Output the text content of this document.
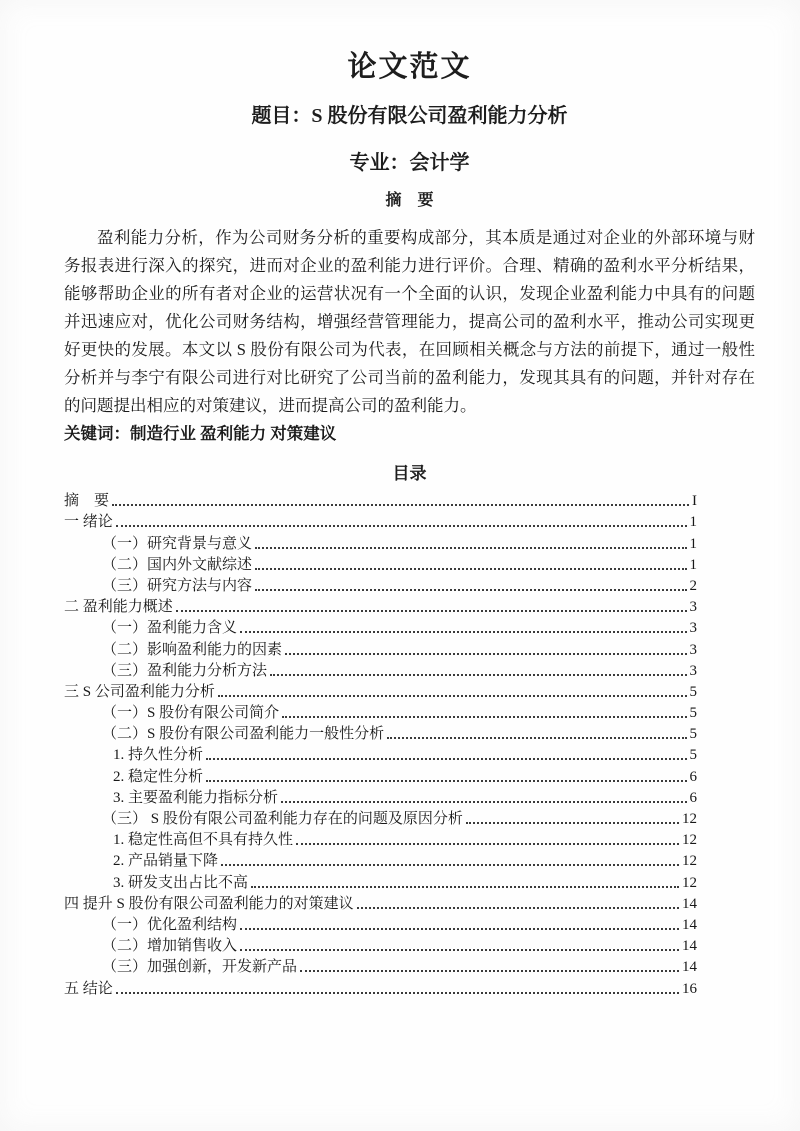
论文范文
题目：S 股份有限公司盈利能力分析
专业：会计学
摘　要

盈利能力分析，作为公司财务分析的重要构成部分，其本质是通过对企业的外部环境与财务报表进行深入的探究，进而对企业的盈利能力进行评价。合理、精确的盈利水平分析结果，能够帮助企业的所有者对企业的运营状况有一个全面的认识，发现企业盈利能力中具有的问题并迅速应对，优化公司财务结构，增强经营管理能力，提高公司的盈利水平，推动公司实现更好更快的发展。本文以 S 股份有限公司为代表，在回顾相关概念与方法的前提下，通过一般性分析并与李宁有限公司进行对比研究了公司当前的盈利能力，发现其具有的问题，并针对存在的问题提出相应的对策建议，进而提高公司的盈利能力。

关键词：制造行业 盈利能力 对策建议

目录
摘　要	I
一 绪论	1
（一）研究背景与意义	1
（二）国内外文献综述	1
（三）研究方法与内容	2
二 盈利能力概述	3
（一）盈利能力含义	3
（二）影响盈利能力的因素	3
（三）盈利能力分析方法	3
三 S 公司盈利能力分析	5
（一）S 股份有限公司简介	5
（二）S 股份有限公司盈利能力一般性分析	5
1. 持久性分析	5
2. 稳定性分析	6
3. 主要盈利能力指标分析	6
（三） S 股份有限公司盈利能力存在的问题及原因分析	12
1. 稳定性高但不具有持久性	12
2. 产品销量下降	12
3. 研发支出占比不高	12
四 提升 S 股份有限公司盈利能力的对策建议	14
（一）优化盈利结构	14
（二）增加销售收入	14
（三）加强创新，开发新产品	14
五 结论	16
